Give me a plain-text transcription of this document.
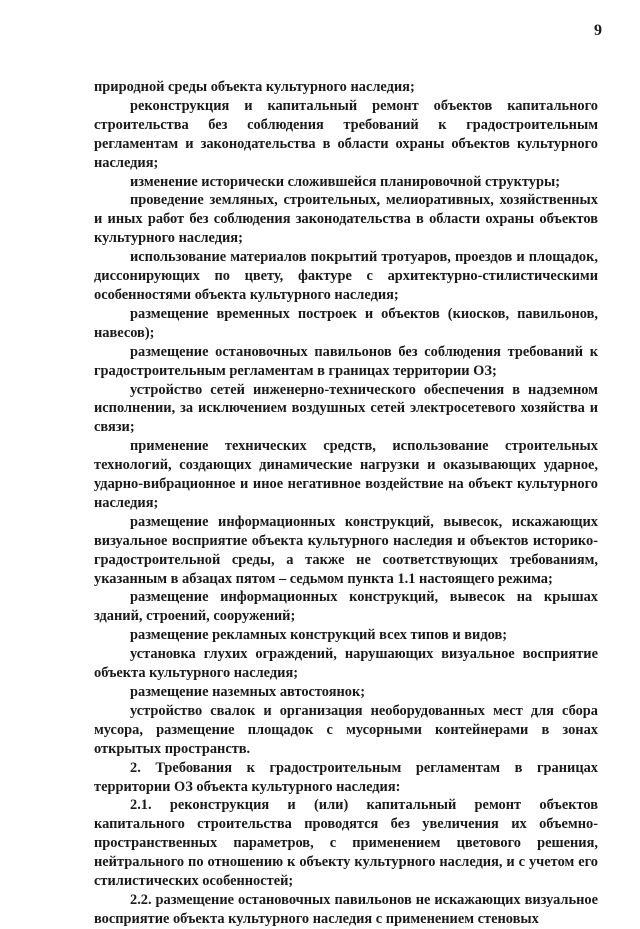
9

природной среды объекта культурного наследия;

реконструкция и капитальный ремонт объектов капитального строительства без соблюдения требований к градостроительным регламентам и законодательства в области охраны объектов культурного наследия;

изменение исторически сложившейся планировочной структуры;

проведение земляных, строительных, мелиоративных, хозяйственных и иных работ без соблюдения законодательства в области охраны объектов культурного наследия;

использование материалов покрытий тротуаров, проездов и площадок, диссонирующих по цвету, фактуре с архитектурно-стилистическими особенностями объекта культурного наследия;

размещение временных построек и объектов (киосков, павильонов, навесов);

размещение остановочных павильонов без соблюдения требований к градостроительным регламентам в границах территории ОЗ;

устройство сетей инженерно-технического обеспечения в надземном исполнении, за исключением воздушных сетей электросетевого хозяйства и связи;

применение технических средств, использование строительных технологий, создающих динамические нагрузки и оказывающих ударное, ударно-вибрационное и иное негативное воздействие на объект культурного наследия;

размещение информационных конструкций, вывесок, искажающих визуальное восприятие объекта культурного наследия и объектов историко-градостроительной среды, а также не соответствующих требованиям, указанным в абзацах пятом – седьмом пункта 1.1 настоящего режима;

размещение информационных конструкций, вывесок на крышах зданий, строений, сооружений;

размещение рекламных конструкций всех типов и видов;

установка глухих ограждений, нарушающих визуальное восприятие объекта культурного наследия;

размещение наземных автостоянок;

устройство свалок и организация необорудованных мест для сбора мусора, размещение площадок с мусорными контейнерами в зонах открытых пространств.

2. Требования к градостроительным регламентам в границах территории ОЗ объекта культурного наследия:

2.1. реконструкция и (или) капитальный ремонт объектов капитального строительства проводятся без увеличения их объемно-пространственных параметров, с применением цветового решения, нейтрального по отношению к объекту культурного наследия, и с учетом его стилистических особенностей;

2.2. размещение остановочных павильонов не искажающих визуальное восприятие объекта культурного наследия с применением стеновых
